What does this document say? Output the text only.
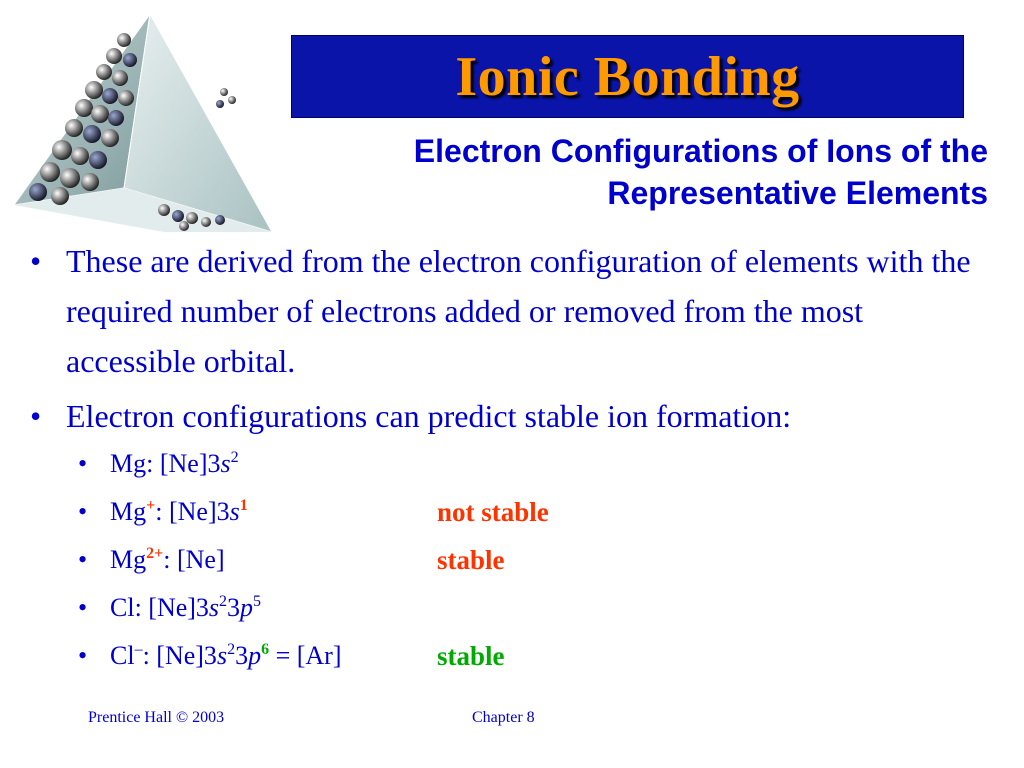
Ionic Bonding
Electron Configurations of Ions of the
Representative Elements
• These are derived from the electron configuration of elements with the required number of electrons added or removed from the most accessible orbital.
• Electron configurations can predict stable ion formation:
• Mg: $[Ne]3s^2$
• Mg+: $[Ne]3s^1$	not stable
• $Mg^{2+}$: [Ne]	stable
• Cl: $[Ne]3s^23p^5$
• Cl–: $[Ne]3s^23p^6 = [Ar]$	stable
Prentice Hall © 2003	Chapter 8
